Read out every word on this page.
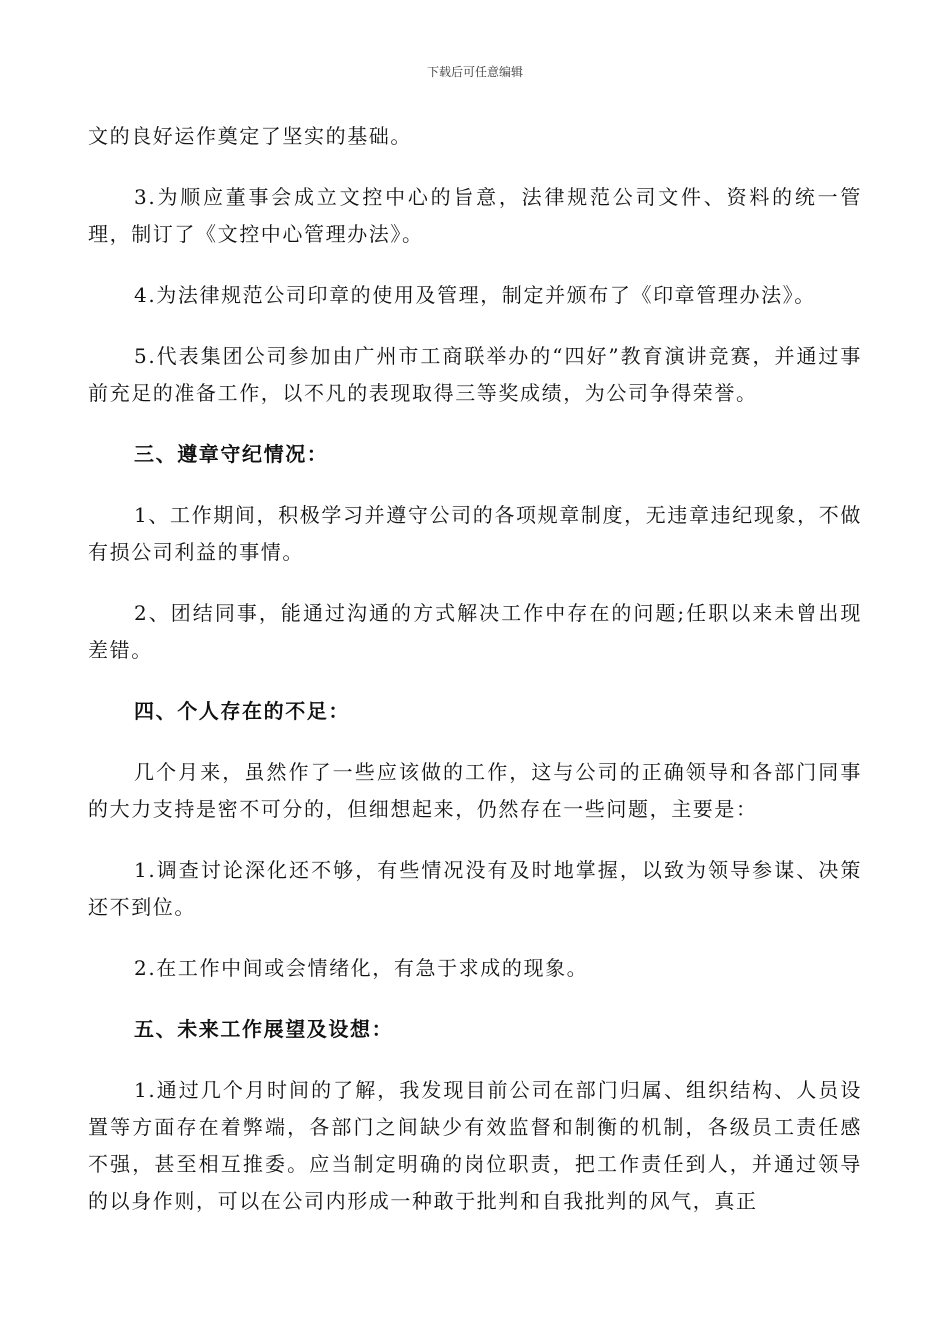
下载后可任意编辑

文的良好运作奠定了坚实的基础。

3.为顺应董事会成立文控中心的旨意，法律规范公司文件、资料的统一管理，制订了《文控中心管理办法》。

4.为法律规范公司印章的使用及管理，制定并颁布了《印章管理办法》。

5.代表集团公司参加由广州市工商联举办的“四好”教育演讲竞赛，并通过事前充足的准备工作，以不凡的表现取得三等奖成绩，为公司争得荣誉。

三、遵章守纪情况：

1、工作期间，积极学习并遵守公司的各项规章制度，无违章违纪现象，不做有损公司利益的事情。

2、团结同事，能通过沟通的方式解决工作中存在的问题;任职以来未曾出现差错。

四、个人存在的不足：

几个月来，虽然作了一些应该做的工作，这与公司的正确领导和各部门同事的大力支持是密不可分的，但细想起来，仍然存在一些问题，主要是：

1.调查讨论深化还不够，有些情况没有及时地掌握，以致为领导参谋、决策还不到位。

2.在工作中间或会情绪化，有急于求成的现象。

五、未来工作展望及设想：

1.通过几个月时间的了解，我发现目前公司在部门归属、组织结构、人员设置等方面存在着弊端，各部门之间缺少有效监督和制衡的机制，各级员工责任感不强，甚至相互推委。应当制定明确的岗位职责，把工作责任到人，并通过领导的以身作则，可以在公司内形成一种敢于批判和自我批判的风气，真正
